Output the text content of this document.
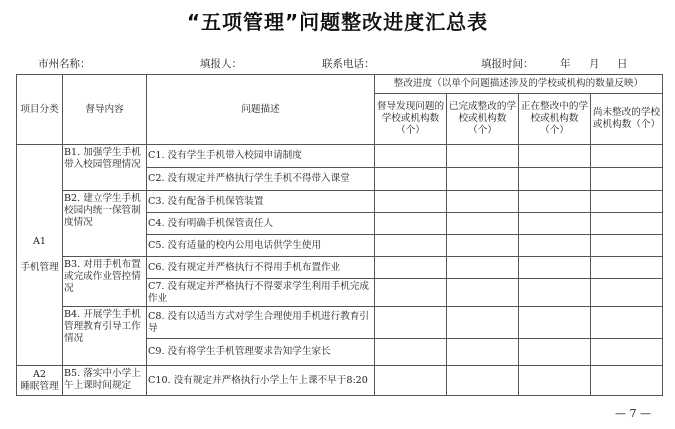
“五项管理”问题整改进度汇总表
市州名称：	填报人：	联系电话：	填报时间：	年 月 日
项目分类	督导内容	问题描述	整改进度（以单个问题描述涉及的学校或机构的数量反映）			
			督导发现问题的学校或机构数（个）	已完成整改的学校或机构数（个）	正在整改中的学校或机构数（个）	尚未整改的学校或机构数（个）

A1
手机管理	B1. 加强学生手机带入校园管理情况	C1. 没有学生手机带入校园申请制度				
		C2. 没有规定并严格执行学生手机不得带入课堂				
	B2. 建立学生手机校园内统一保管制度情况	C3. 没有配备手机保管装置				
		C4. 没有明确手机保管责任人				
		C5. 没有适量的校内公用电话供学生使用				
	B3. 对用手机布置或完成作业管控情况	C6. 没有规定并严格执行不得用手机布置作业				
		C7. 没有规定并严格执行不得要求学生利用手机完成作业				
	B4. 开展学生手机管理教育引导工作情况	C8. 没有以适当方式对学生合理使用手机进行教育引导				
		C9. 没有将学生手机管理要求告知学生家长				

A2
睡眠管理	B5. 落实中小学上午上课时间规定	C10. 没有规定并严格执行小学上午上课不早于8:20				
— 7 —
